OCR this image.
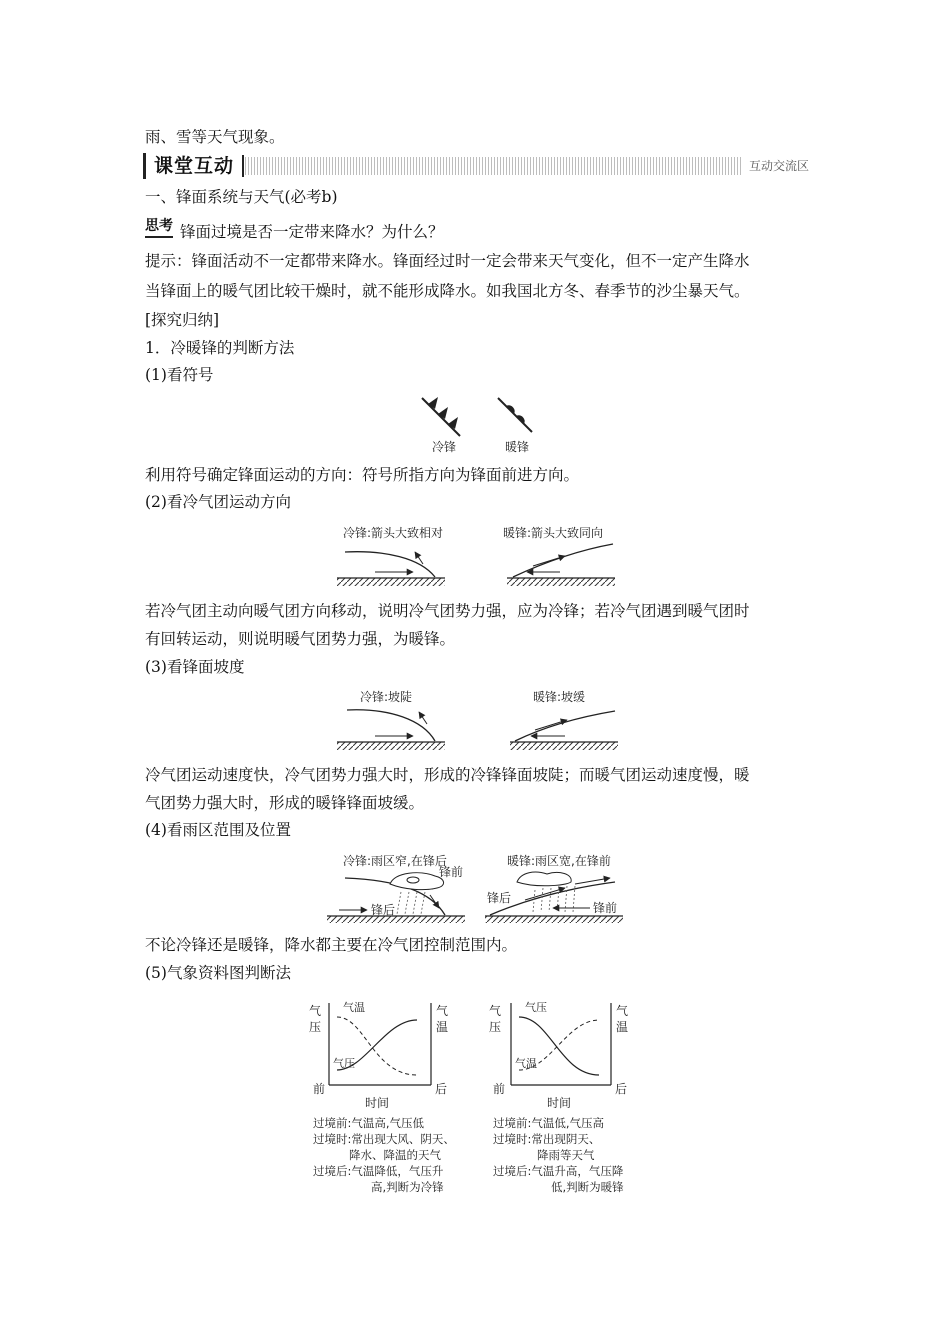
雨、雪等天气现象。
课堂互动	互动交流区
一、锋面系统与天气(必考b)
思考 锋面过境是否一定带来降水？为什么？
提示：锋面活动不一定都带来降水。锋面经过时一定会带来天气变化，但不一定产生降水
当锋面上的暖气团比较干燥时，就不能形成降水。如我国北方冬、春季节的沙尘暴天气。
[探究归纳]
1．冷暖锋的判断方法
(1)看符号
冷锋	暖锋
利用符号确定锋面运动的方向：符号所指方向为锋面前进方向。
(2)看冷气团运动方向
冷锋:箭头大致相对	暖锋:箭头大致同向
若冷气团主动向暖气团方向移动，说明冷气团势力强，应为冷锋；若冷气团遇到暖气团时
有回转运动，则说明暖气团势力强，为暖锋。
(3)看锋面坡度
冷锋:坡陡	暖锋:坡缓
冷气团运动速度快，冷气团势力强大时，形成的冷锋锋面坡陡；而暖气团运动速度慢，暖
气团势力强大时，形成的暖锋锋面坡缓。
(4)看雨区范围及位置
冷锋:雨区窄,在锋后	暖锋:雨区宽,在锋前
锋前
锋后
锋后
锋前
不论冷锋还是暖锋，降水都主要在冷气团控制范围内。
(5)气象资料图判断法
气
压
气
温
气温
气压
前	后
时间
过境前:气温高,气压低
过境时:常出现大风、阴天、
降水、降温的天气
过境后:气温降低，气压升
高,判断为冷锋
气
压
气
温
气压
气温
前	后
时间
过境前:气温低,气压高
过境时:常出现阴天、
降雨等天气
过境后:气温升高，气压降
低,判断为暖锋
